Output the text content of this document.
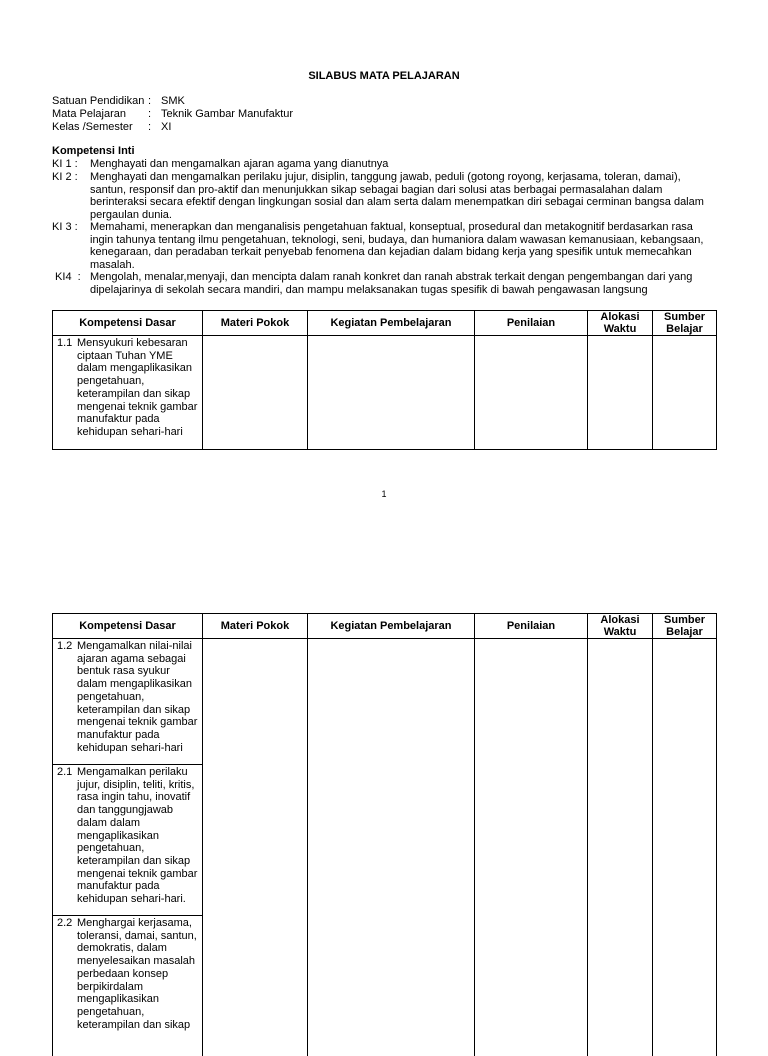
SILABUS MATA PELAJARAN
Satuan Pendidikan : SMK
Mata Pelajaran : Teknik Gambar Manufaktur
Kelas /Semester : XI
Kompetensi Inti
KI 1 : Menghayati dan mengamalkan ajaran agama yang dianutnya
KI 2 : Menghayati dan mengamalkan perilaku jujur, disiplin, tanggung jawab, peduli (gotong royong, kerjasama, toleran, damai), santun, responsif dan pro-aktif dan menunjukkan sikap sebagai bagian dari solusi atas berbagai permasalahan dalam berinteraksi secara efektif dengan lingkungan sosial dan alam serta dalam menempatkan diri sebagai cerminan bangsa dalam pergaulan dunia.
KI 3 : Memahami, menerapkan dan menganalisis pengetahuan faktual, konseptual, prosedural dan metakognitif berdasarkan rasa ingin tahunya tentang ilmu pengetahuan, teknologi, seni, budaya, dan humaniora dalam wawasan kemanusiaan, kebangsaan, kenegaraan, dan peradaban terkait penyebab fenomena dan kejadian dalam bidang kerja yang spesifik untuk memecahkan masalah.
KI4  : Mengolah, menalar,menyaji, dan mencipta dalam ranah konkret dan ranah abstrak terkait dengan pengembangan dari yang dipelajarinya di sekolah secara mandiri, dan mampu melaksanakan tugas spesifik di bawah pengawasan langsung
Kompetensi Dasar	Materi Pokok	Kegiatan Pembelajaran	Penilaian	Alokasi Waktu	Sumber Belajar

1.1 Mensyukuri kebesaran ciptaan Tuhan YME dalam mengaplikasikan pengetahuan, keterampilan dan sikap mengenai teknik gambar manufaktur pada kehidupan sehari-hari					
1
Kompetensi Dasar	Materi Pokok	Kegiatan Pembelajaran	Penilaian	Alokasi Waktu	Sumber Belajar

1.2 Mengamalkan nilai-nilai ajaran agama sebagai bentuk rasa syukur dalam mengaplikasikan pengetahuan, keterampilan dan sikap mengenai teknik gambar manufaktur pada kehidupan sehari-hari					

2.1 Mengamalkan perilaku jujur, disiplin, teliti, kritis, rasa ingin tahu, inovatif dan tanggungjawab dalam dalam mengaplikasikan pengetahuan, keterampilan dan sikap mengenai teknik gambar manufaktur pada kehidupan sehari-hari.					

2.2 Menghargai kerjasama, toleransi, damai, santun, demokratis, dalam menyelesaikan masalah perbedaan konsep berpikirdalam mengaplikasikan pengetahuan, keterampilan dan sikap					
